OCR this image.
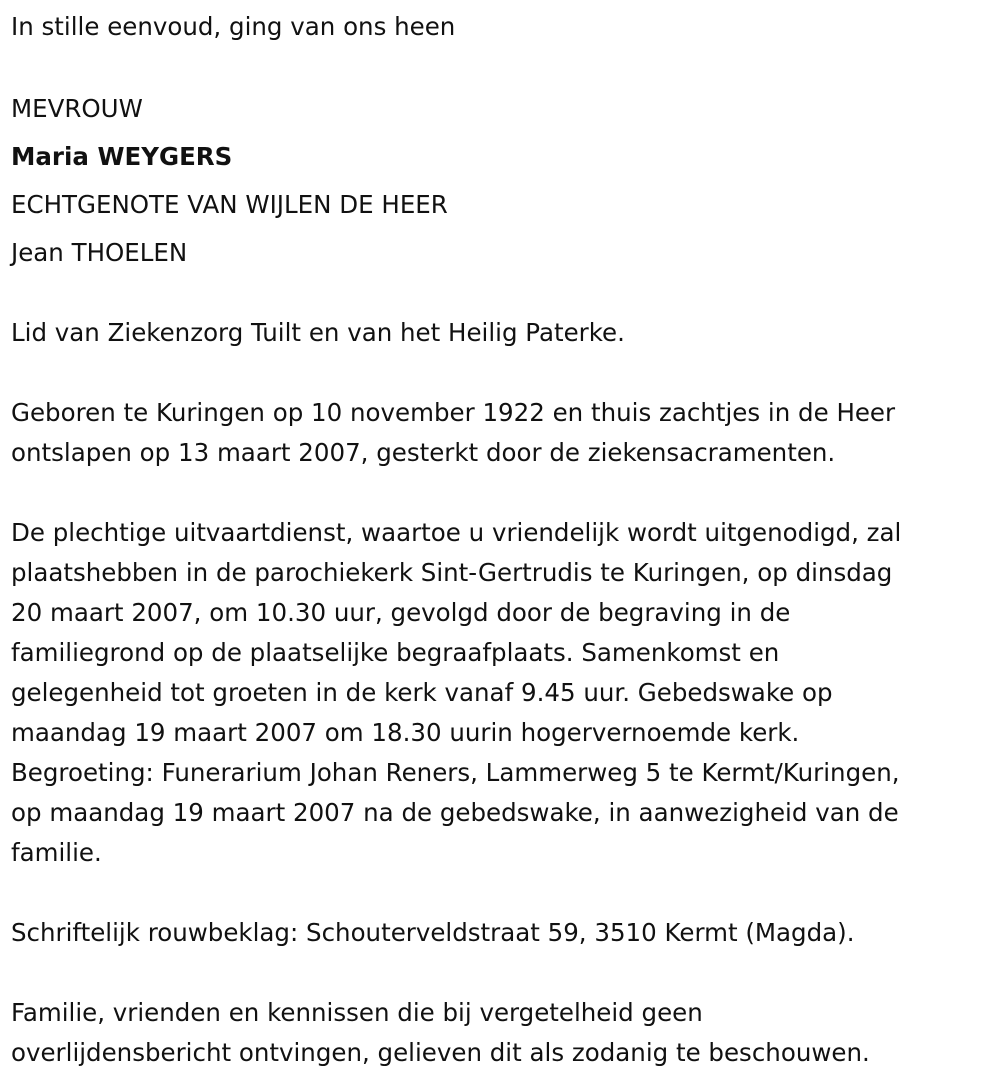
In stille eenvoud, ging van ons heen

MEVROUW

Maria WEYGERS

ECHTGENOTE VAN WIJLEN DE HEER

Jean THOELEN

Lid van Ziekenzorg Tuilt en van het Heilig Paterke.

Geboren te Kuringen op 10 november 1922 en thuis zachtjes in de Heer

ontslapen op 13 maart 2007, gesterkt door de ziekensacramenten.

De plechtige uitvaartdienst, waartoe u vriendelijk wordt uitgenodigd, zal

plaatshebben in de parochiekerk Sint-Gertrudis te Kuringen, op dinsdag

20 maart 2007, om 10.30 uur, gevolgd door de begraving in de

familiegrond op de plaatselijke begraafplaats. Samenkomst en

gelegenheid tot groeten in de kerk vanaf 9.45 uur. Gebedswake op

maandag 19 maart 2007 om 18.30 uurin hogervernoemde kerk.

Begroeting: Funerarium Johan Reners, Lammerweg 5 te Kermt/Kuringen,

op maandag 19 maart 2007 na de gebedswake, in aanwezigheid van de

familie.

Schriftelijk rouwbeklag: Schouterveldstraat 59, 3510 Kermt (Magda).

Familie, vrienden en kennissen die bij vergetelheid geen

overlijdensbericht ontvingen, gelieven dit als zodanig te beschouwen.
